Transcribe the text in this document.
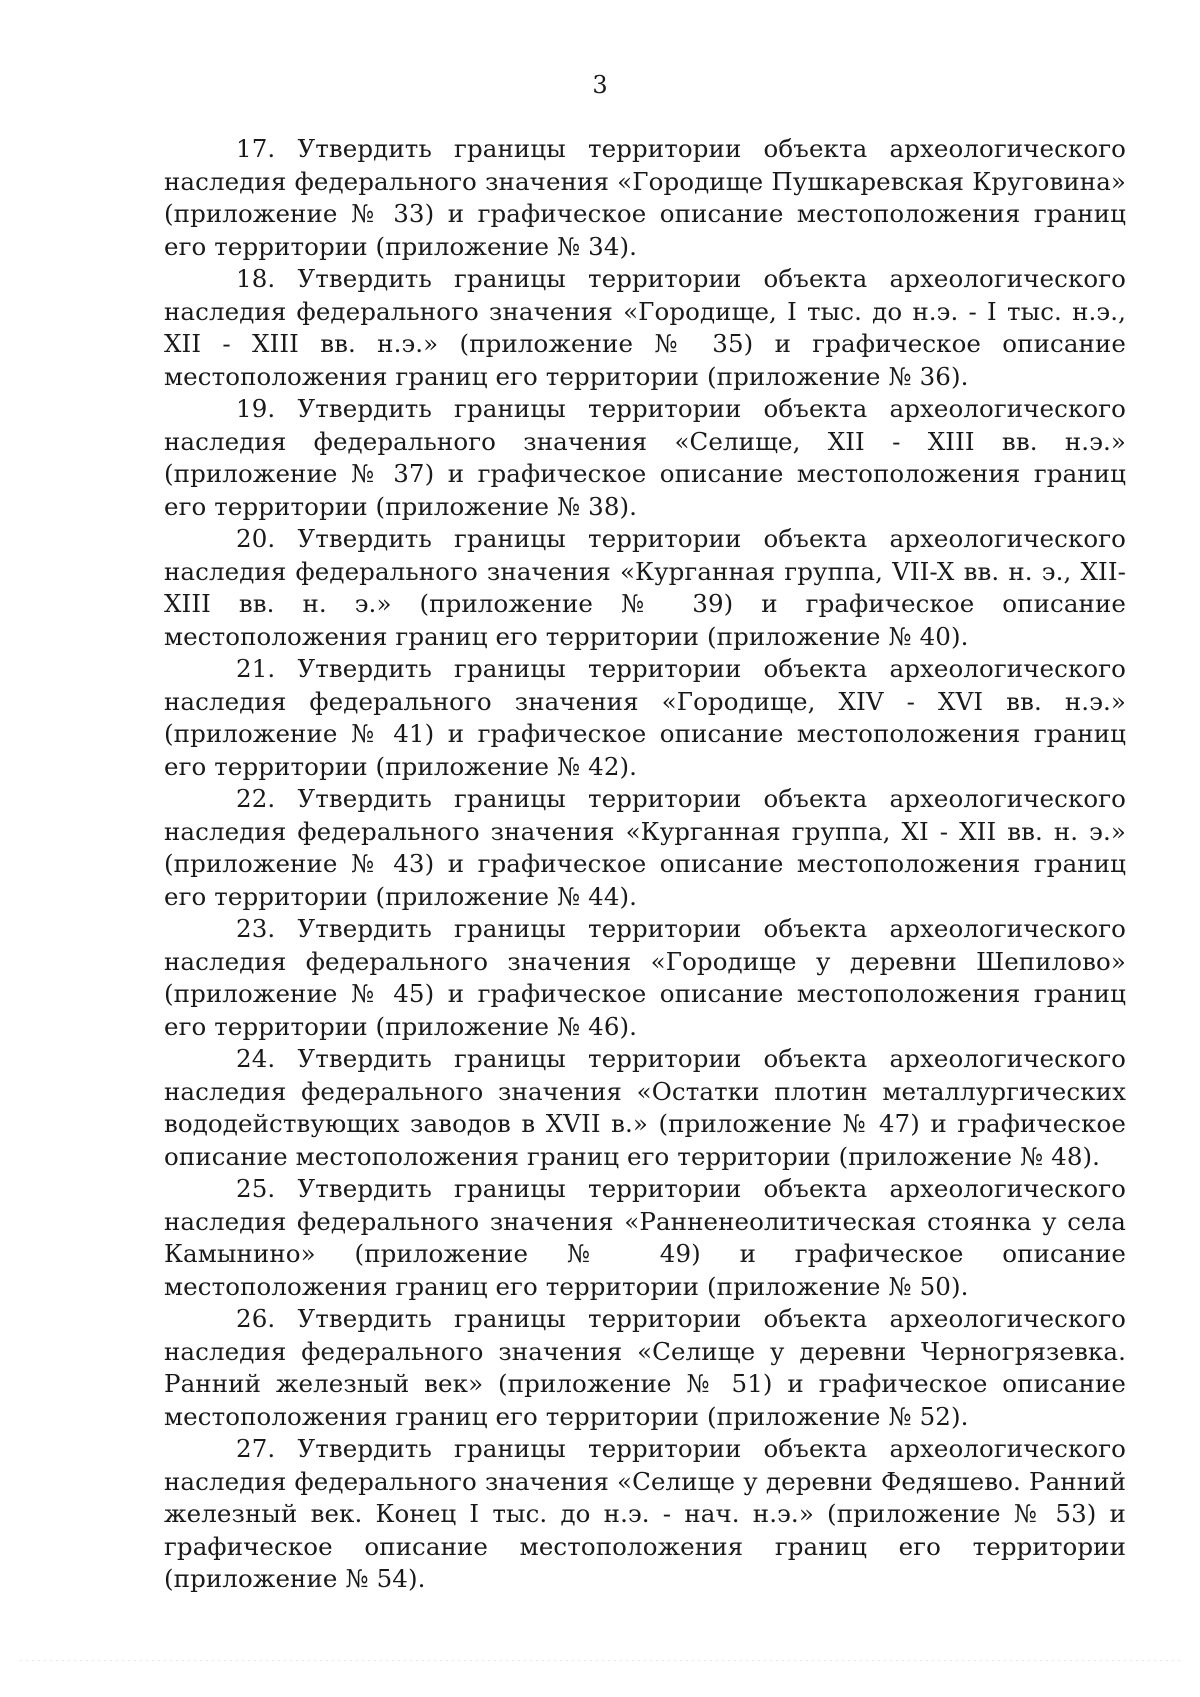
3

17. Утвердить границы территории объекта археологического наследия федерального значения «Городище Пушкаревская Круговина» (приложение № 33) и графическое описание местоположения границ его территории (приложение № 34).

18. Утвердить границы территории объекта археологического наследия федерального значения «Городище, I тыс. до н.э. - I тыс. н.э., XII - XIII вв. н.э.» (приложение № 35) и графическое описание местоположения границ его территории (приложение № 36).

19. Утвердить границы территории объекта археологического наследия федерального значения «Селище, XII - XIII вв. н.э.» (приложение № 37) и графическое описание местоположения границ его территории (приложение № 38).

20. Утвердить границы территории объекта археологического наследия федерального значения «Курганная группа, VII-X вв. н. э., XII-XIII вв. н. э.» (приложение № 39) и графическое описание местоположения границ его территории (приложение № 40).

21. Утвердить границы территории объекта археологического наследия федерального значения «Городище, XIV - XVI вв. н.э.» (приложение № 41) и графическое описание местоположения границ его территории (приложение № 42).

22. Утвердить границы территории объекта археологического наследия федерального значения «Курганная группа, XI - XII вв. н. э.» (приложение № 43) и графическое описание местоположения границ его территории (приложение № 44).

23. Утвердить границы территории объекта археологического наследия федерального значения «Городище у деревни Шепилово» (приложение № 45) и графическое описание местоположения границ его территории (приложение № 46).

24. Утвердить границы территории объекта археологического наследия федерального значения «Остатки плотин металлургических вододействующих заводов в XVII в.» (приложение № 47) и графическое описание местоположения границ его территории (приложение № 48).

25. Утвердить границы территории объекта археологического наследия федерального значения «Ранненеолитическая стоянка у села Камынино» (приложение № 49) и графическое описание местоположения границ его территории (приложение № 50).

26. Утвердить границы территории объекта археологического наследия федерального значения «Селище у деревни Черногрязевка. Ранний железный век» (приложение № 51) и графическое описание местоположения границ его территории (приложение № 52).

27. Утвердить границы территории объекта археологического наследия федерального значения «Селище у деревни Федяшево. Ранний железный век. Конец I тыс. до н.э. - нач. н.э.» (приложение № 53) и графическое описание местоположения границ его территории (приложение № 54).
